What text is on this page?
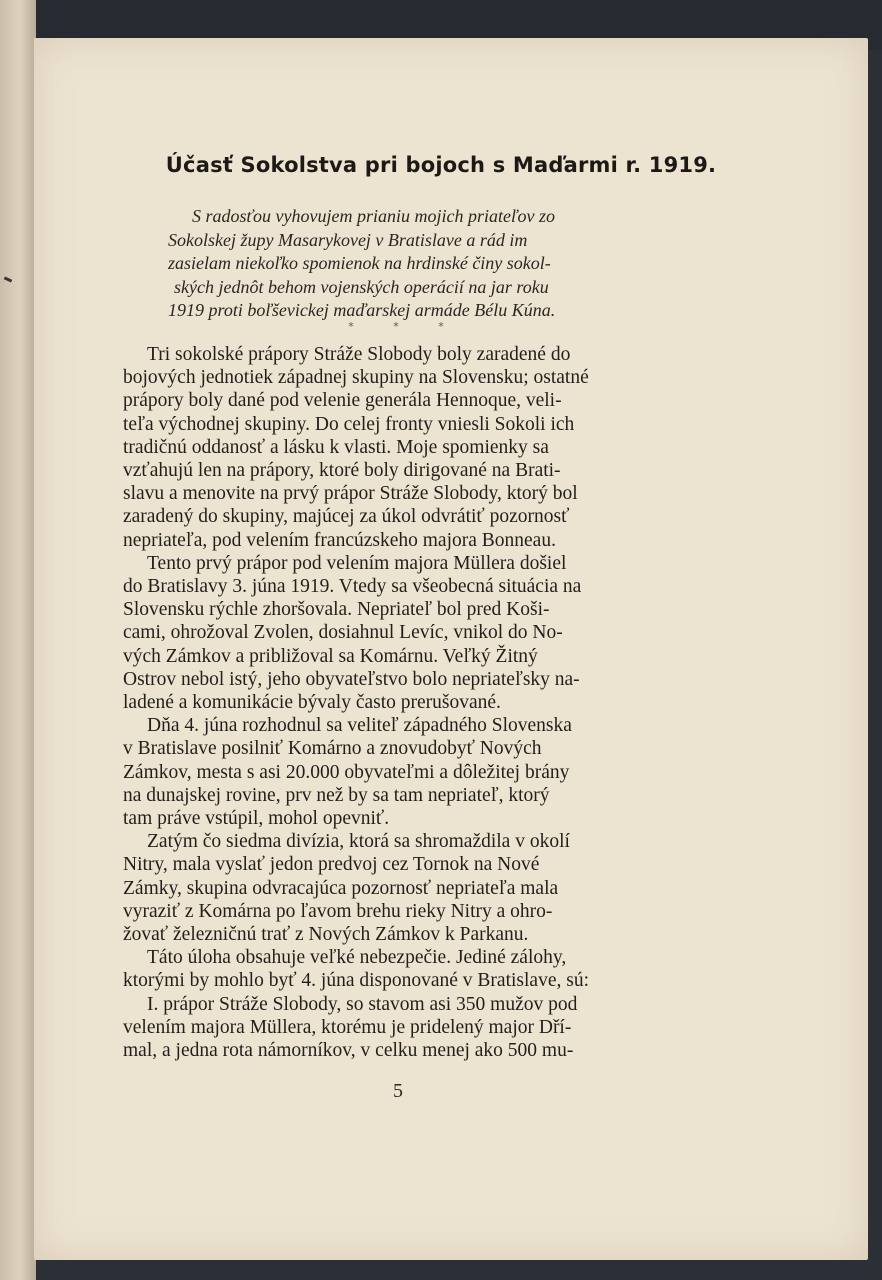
Účasť Sokolstva pri bojoch s Maďarmi r. 1919.

S radosťou vyhovujem prianiu mojich priateľov zo

Sokolskej župy Masarykovej v Bratislave a rád im

zasielam niekoľko spomienok na hrdinské činy sokol-

ských jednôt behom vojenských operácií na jar roku

1919 proti boľševickej maďarskej armáde Bélu Kúna.

* * *

Tri sokolské prápory Stráže Slobody boly zaradené do

bojových jednotiek západnej skupiny na Slovensku; ostatné

prápory boly dané pod velenie generála Hennoque, veli-

teľa východnej skupiny. Do celej fronty vniesli Sokoli ich

tradičnú oddanosť a lásku k vlasti. Moje spomienky sa

vzťahujú len na prápory, ktoré boly dirigované na Brati-

slavu a menovite na prvý prápor Stráže Slobody, ktorý bol

zaradený do skupiny, majúcej za úkol odvrátiť pozornosť

nepriateľa, pod velením francúzskeho majora Bonneau.

Tento prvý prápor pod velením majora Müllera došiel

do Bratislavy 3. júna 1919. Vtedy sa všeobecná situácia na

Slovensku rýchle zhoršovala. Nepriateľ bol pred Koši-

cami, ohrožoval Zvolen, dosiahnul Levíc, vnikol do No-

vých Zámkov a približoval sa Komárnu. Veľký Žitný

Ostrov nebol istý, jeho obyvateľstvo bolo nepriateľsky na-

ladené a komunikácie bývaly často prerušované.

Dňa 4. júna rozhodnul sa veliteľ západného Slovenska

v Bratislave posilniť Komárno a znovudobyť Nových

Zámkov, mesta s asi 20.000 obyvateľmi a dôležitej brány

na dunajskej rovine, prv než by sa tam nepriateľ, ktorý

tam práve vstúpil, mohol opevniť.

Zatým čo siedma divízia, ktorá sa shromaždila v okolí

Nitry, mala vyslať jedon predvoj cez Tornok na Nové

Zámky, skupina odvracajúca pozornosť nepriateľa mala

vyraziť z Komárna po ľavom brehu rieky Nitry a ohro-

žovať železničnú trať z Nových Zámkov k Parkanu.

Táto úloha obsahuje veľké nebezpečie. Jediné zálohy,

ktorými by mohlo byť 4. júna disponované v Bratislave, sú:

I. prápor Stráže Slobody, so stavom asi 350 mužov pod

velením majora Müllera, ktorému je pridelený major Dří-

mal, a jedna rota námorníkov, v celku menej ako 500 mu-

5
